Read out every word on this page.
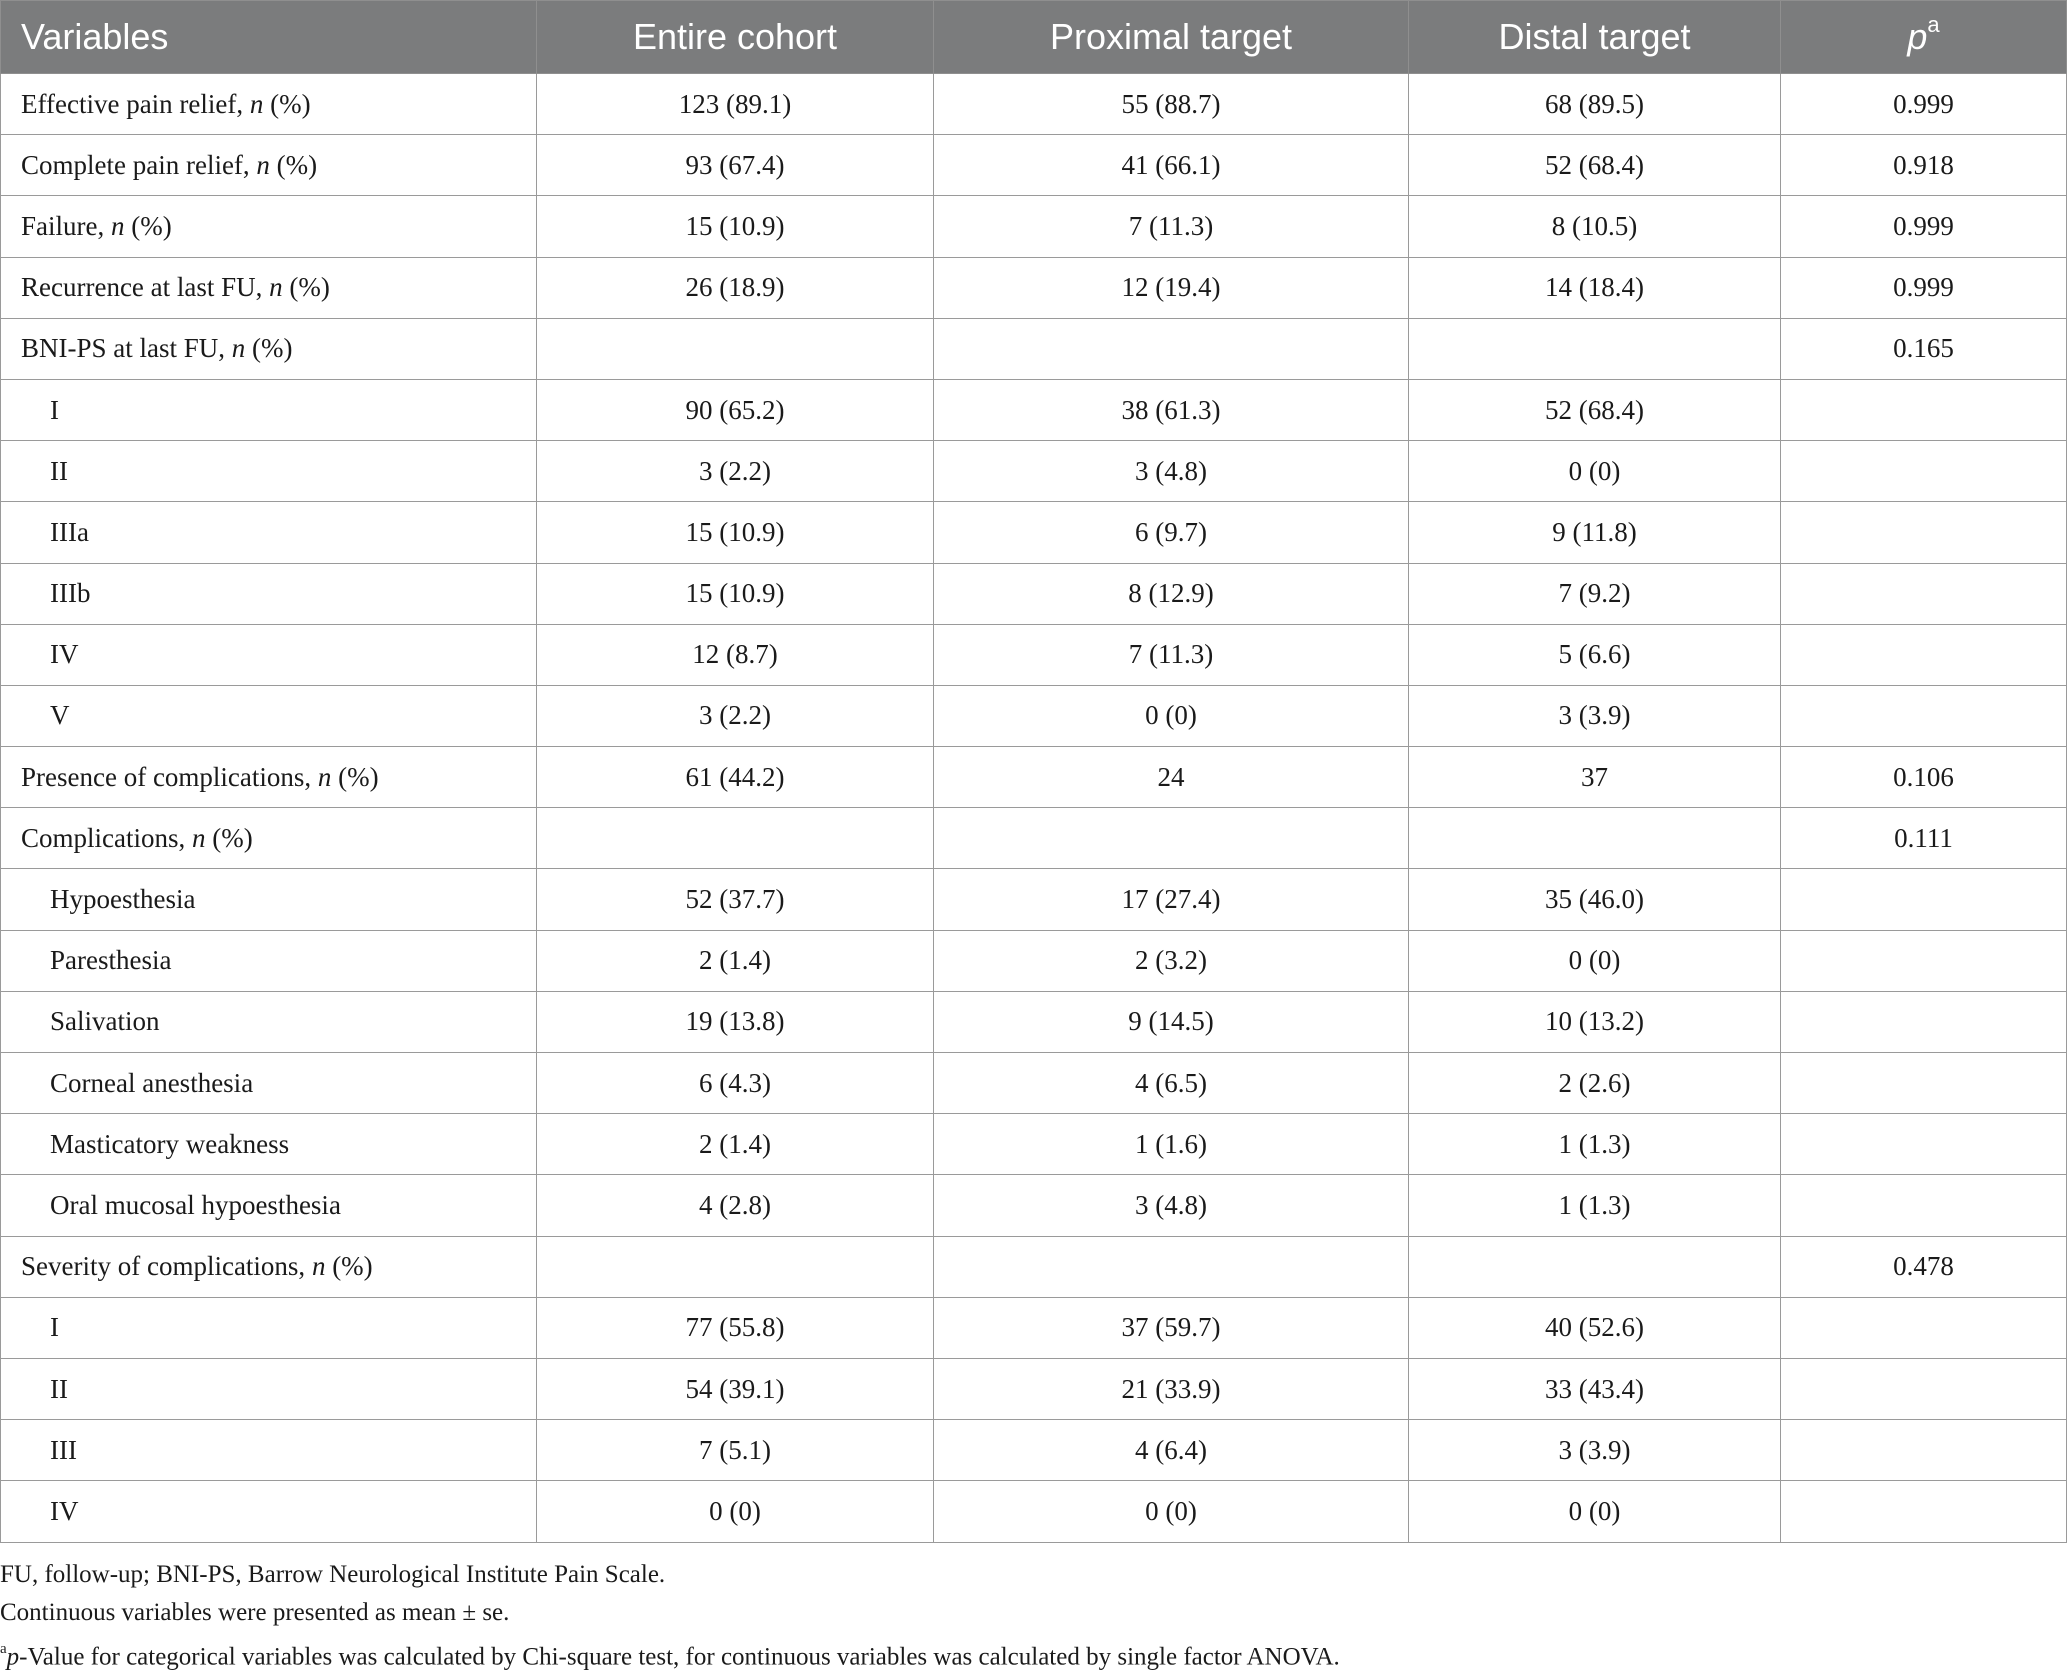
Variables	Entire cohort	Proximal target	Distal target	$p^a$
Effective pain relief, n (%)	123 (89.1)	55 (88.7)	68 (89.5)	0.999
Complete pain relief, n (%)	93 (67.4)	41 (66.1)	52 (68.4)	0.918
Failure, n (%)	15 (10.9)	7 (11.3)	8 (10.5)	0.999
Recurrence at last FU, n (%)	26 (18.9)	12 (19.4)	14 (18.4)	0.999
BNI-PS at last FU, n (%)				0.165
I	90 (65.2)	38 (61.3)	52 (68.4)	
II	3 (2.2)	3 (4.8)	0 (0)	
IIIa	15 (10.9)	6 (9.7)	9 (11.8)	
IIIb	15 (10.9)	8 (12.9)	7 (9.2)	
IV	12 (8.7)	7 (11.3)	5 (6.6)	
V	3 (2.2)	0 (0)	3 (3.9)	
Presence of complications, n (%)	61 (44.2)	24	37	0.106
Complications, n (%)				0.111
Hypoesthesia	52 (37.7)	17 (27.4)	35 (46.0)	
Paresthesia	2 (1.4)	2 (3.2)	0 (0)	
Salivation	19 (13.8)	9 (14.5)	10 (13.2)	
Corneal anesthesia	6 (4.3)	4 (6.5)	2 (2.6)	
Masticatory weakness	2 (1.4)	1 (1.6)	1 (1.3)	
Oral mucosal hypoesthesia	4 (2.8)	3 (4.8)	1 (1.3)	
Severity of complications, n (%)				0.478
I	77 (55.8)	37 (59.7)	40 (52.6)	
II	54 (39.1)	21 (33.9)	33 (43.4)	
III	7 (5.1)	4 (6.4)	3 (3.9)	
IV	0 (0)	0 (0)	0 (0)	
FU, follow-up; BNI-PS, Barrow Neurological Institute Pain Scale.
Continuous variables were presented as mean ± se.
$^a$p-Value for categorical variables was calculated by Chi-square test, for continuous variables was calculated by single factor ANOVA.
